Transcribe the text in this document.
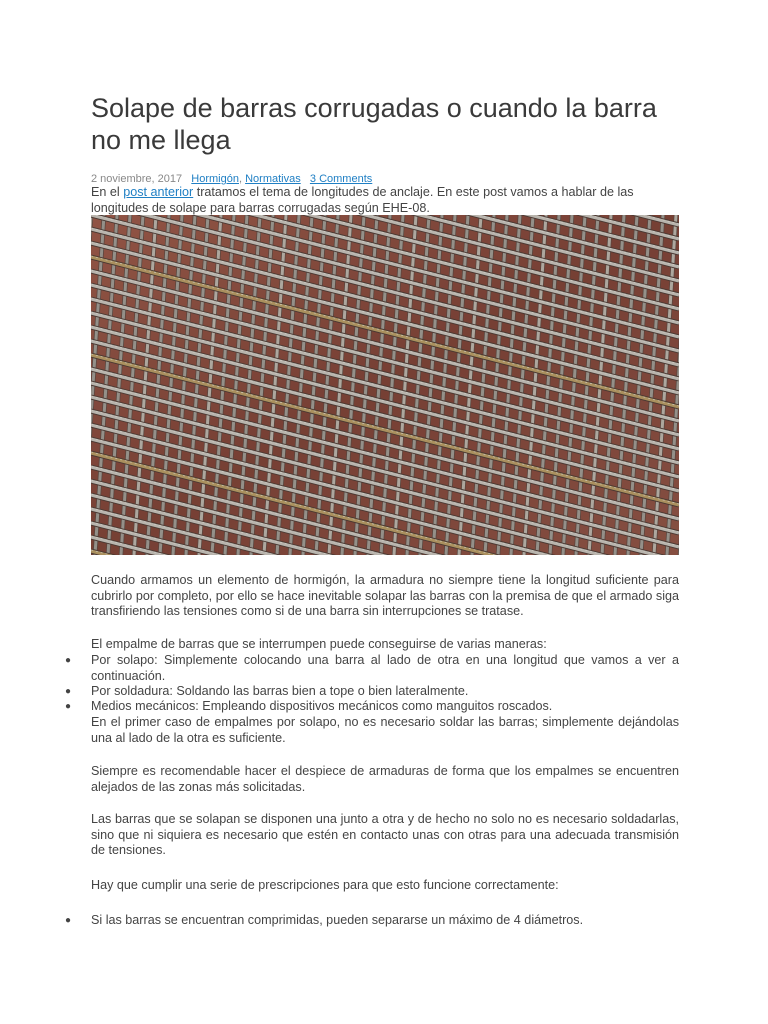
Solape de barras corrugadas o cuando la barra no me llega
2 noviembre, 2017 Hormigón, Normativas 3 Comments
En el post anterior tratamos el tema de longitudes de anclaje. En este post vamos a hablar de las longitudes de solape para barras corrugadas según EHE-08.

Cuando armamos un elemento de hormigón, la armadura no siempre tiene la longitud suficiente para cubrirlo por completo, por ello se hace inevitable solapar las barras con la premisa de que el armado siga transfiriendo las tensiones como si de una barra sin interrupciones se tratase.

El empalme de barras que se interrumpen puede conseguirse de varias maneras:

● Por solapo: Simplemente colocando una barra al lado de otra en una longitud que vamos a ver a continuación.

● Por soldadura: Soldando las barras bien a tope o bien lateralmente.

● Medios mecánicos: Empleando dispositivos mecánicos como manguitos roscados.

En el primer caso de empalmes por solapo, no es necesario soldar las barras; simplemente dejándolas una al lado de la otra es suficiente.

Siempre es recomendable hacer el despiece de armaduras de forma que los empalmes se encuentren alejados de las zonas más solicitadas.

Las barras que se solapan se disponen una junto a otra y de hecho no solo no es necesario soldadarlas, sino que ni siquiera es necesario que estén en contacto unas con otras para una adecuada transmisión de tensiones.

Hay que cumplir una serie de prescripciones para que esto funcione correctamente:

● Si las barras se encuentran comprimidas, pueden separarse un máximo de 4 diámetros.
